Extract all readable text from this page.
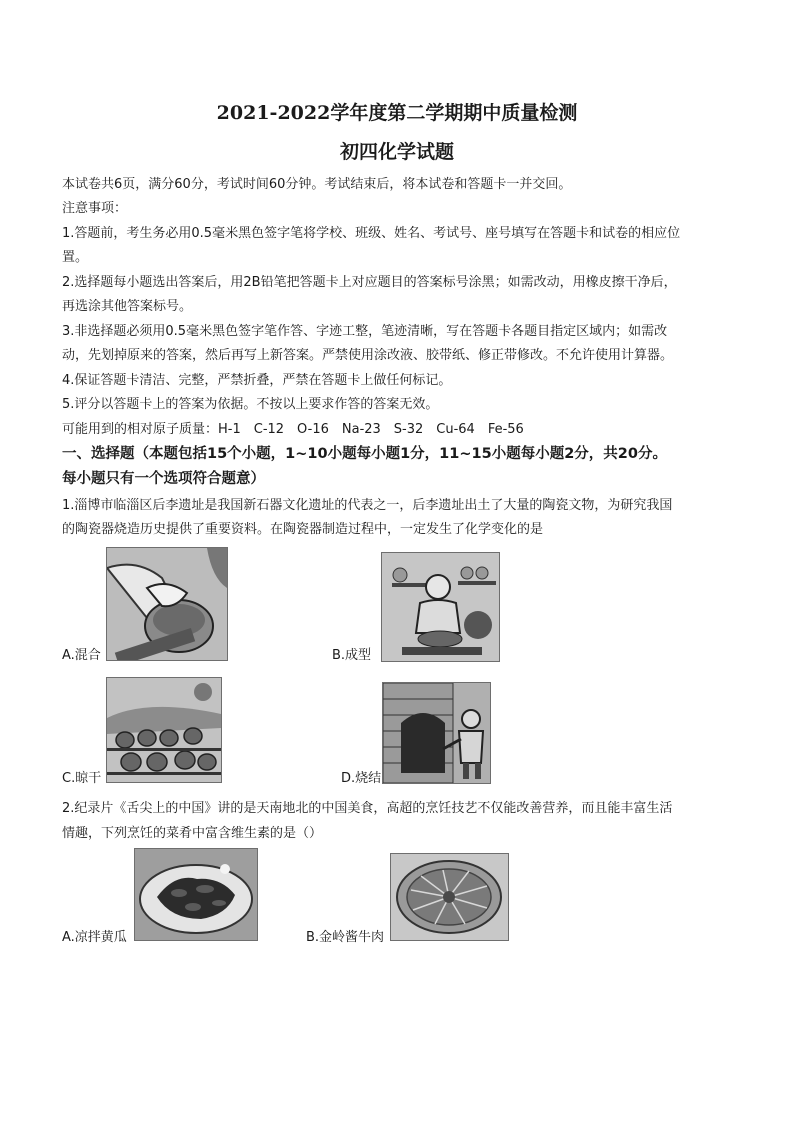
2021-2022学年度第二学期期中质量检测
初四化学试题
本试卷共6页，满分60分，考试时间60分钟。考试结束后，将本试卷和答题卡一并交回。
注意事项：
1.答题前，考生务必用0.5毫米黑色签字笔将学校、班级、姓名、考试号、座号填写在答题卡和试卷的相应位
置。
2.选择题每小题选出答案后，用2B铅笔把答题卡上对应题目的答案标号涂黑；如需改动，用橡皮擦干净后，
再选涂其他答案标号。
3.非选择题必须用0.5毫米黑色签字笔作答、字迹工整，笔迹清晰，写在答题卡各题目指定区域内；如需改
动，先划掉原来的答案，然后再写上新答案。严禁使用涂改液、胶带纸、修正带修改。不允许使用计算器。
4.保证答题卡清洁、完整，严禁折叠，严禁在答题卡上做任何标记。
5.评分以答题卡上的答案为依据。不按以上要求作答的答案无效。
可能用到的相对原子质量：H-1　C-12　O-16　Na-23　S-32　Cu-64　Fe-56
一、选择题（本题包括15个小题，1~10小题每小题1分，11~15小题每小题2分，共20分。
每小题只有一个选项符合题意）
1.淄博市临淄区后李遗址是我国新石器文化遗址的代表之一，后李遗址出土了大量的陶瓷文物，为研究我国
的陶瓷器烧造历史提供了重要资料。在陶瓷器制造过程中，一定发生了化学变化的是
A.混合	B.成型
C.晾干	D.烧结
2.纪录片《舌尖上的中国》讲的是天南地北的中国美食，高超的烹饪技艺不仅能改善营养，而且能丰富生活
情趣，下列烹饪的菜肴中富含维生素的是（）
A.凉拌黄瓜	B.金岭酱牛肉
